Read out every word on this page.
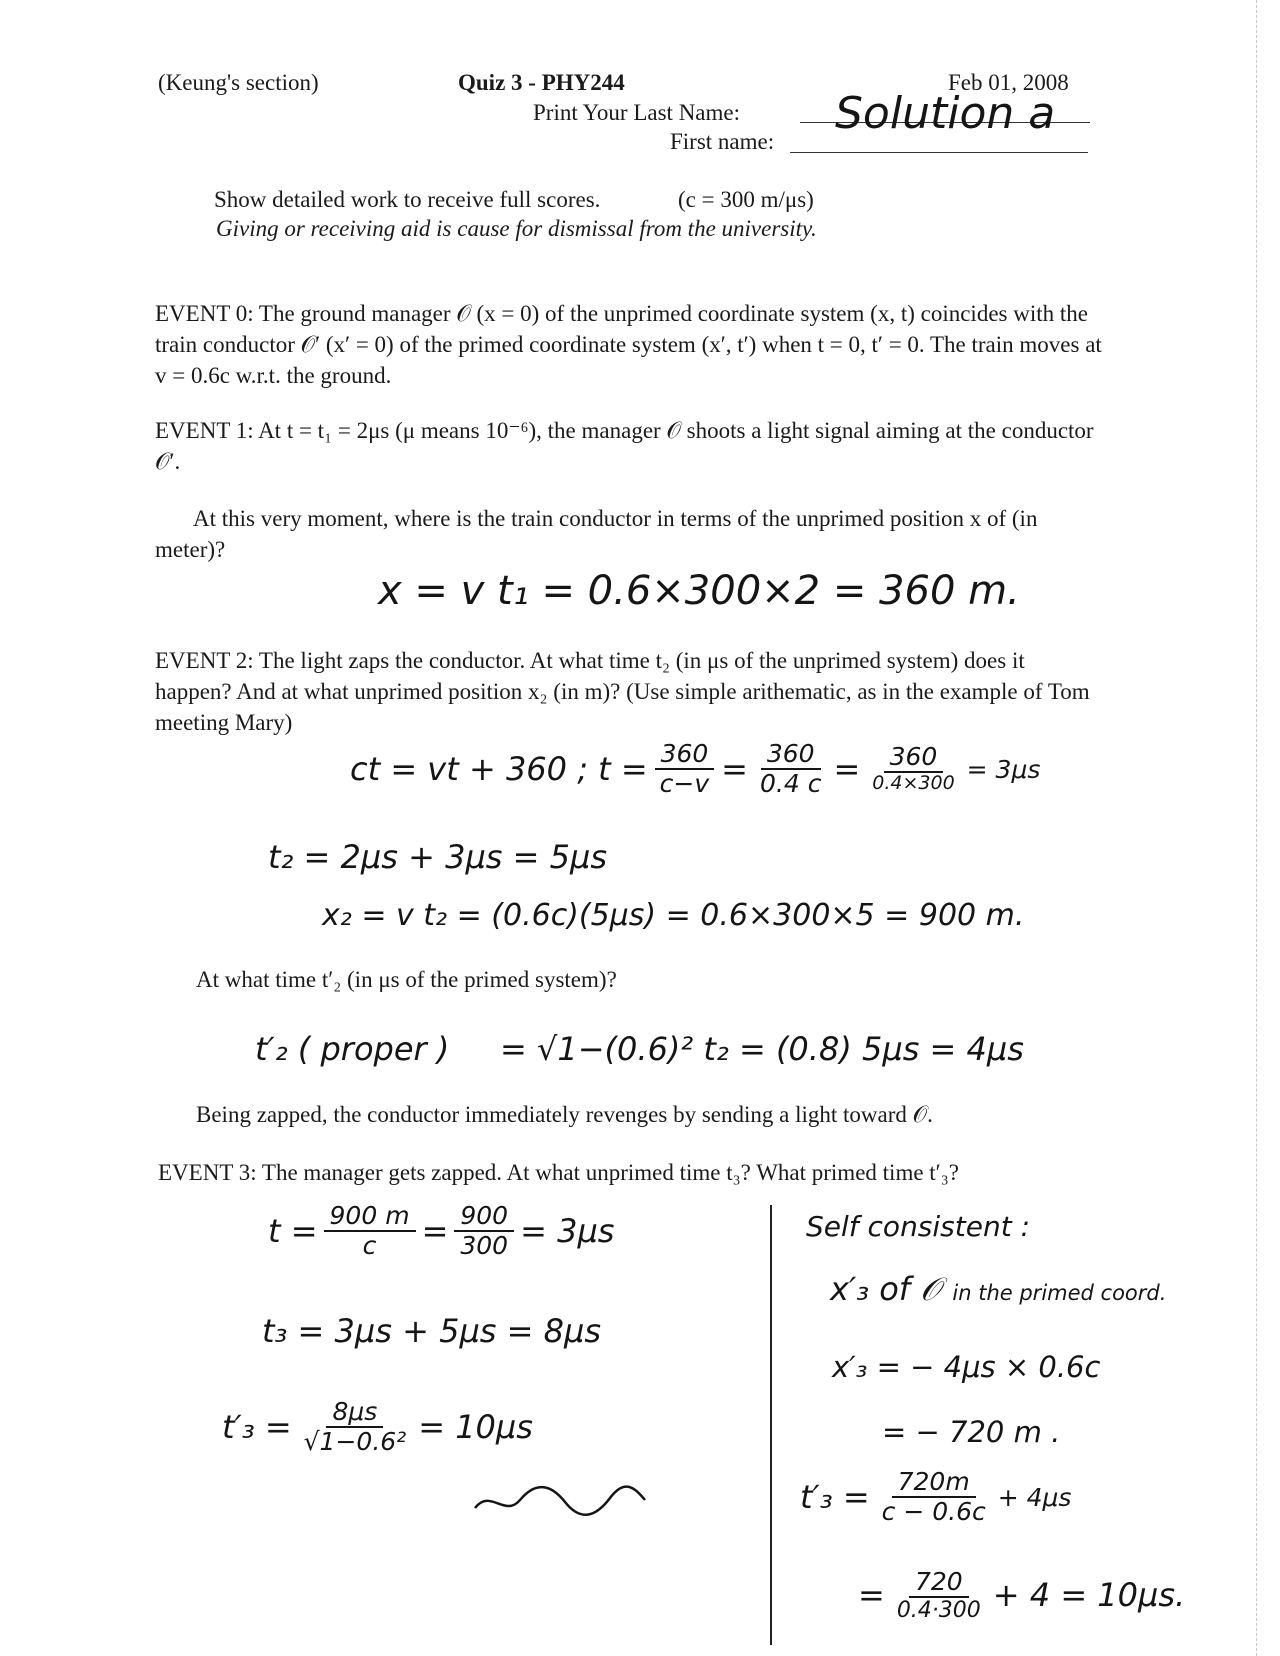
(Keung's section)	Quiz 3 - PHY244	Feb 01, 2008
Print Your Last Name:
First name:
Solution a
Show detailed work to receive full scores.	(c = 300 m/μs)
Giving or receiving aid is cause for dismissal from the university.
EVENT 0: The ground manager 𝒪 (x = 0) of the unprimed coordinate system (x, t) coincides with the train conductor 𝒪′ (x′ = 0) of the primed coordinate system (x′, t′) when t = 0, t′ = 0. The train moves at v = 0.6c w.r.t. the ground.
EVENT 1: At t = t₁ = 2μs (μ means 10⁻⁶), the manager 𝒪 shoots a light signal aiming at the conductor 𝒪′.
At this very moment, where is the train conductor in terms of the unprimed position x of (in meter)?
x = v t₁ = 0.6×300×2 = 360 m.
EVENT 2: The light zaps the conductor. At what time t₂ (in μs of the unprimed system) does it happen? And at what unprimed position x₂ (in m)? (Use simple arithematic, as in the example of Tom meeting Mary)
ct = vt + 360 ; $t = \frac{360}{c-v} = \frac{360}{0.4 c} = \frac{360}{0.4\times 300} = 3\mu s$
t₂ = 2μs + 3μs = 5μs
x₂ = v t₂ = (0.6c)(5μs) = 0.6×300×5 = 900 m.
At what time t′₂ (in μs of the primed system)?
t′₂ ( proper ) = √1−(0.6)² t₂ = (0.8) 5μs = 4μs
Being zapped, the conductor immediately revenges by sending a light toward 𝒪.
EVENT 3: The manager gets zapped. At what unprimed time t₃? What primed time t′₃?
$t = \frac{900 m}{c} = \frac{900}{300} = 3\mu s$
t₃ = 3μs + 5μs = 8μs
$t'_3 = \frac{8\mu s}{\text{√1−0.6²}} = 10\mu s$
Self consistent :
x′₃ of 𝒪 in the primed coord.
x′₃ = − 4μs × 0.6c
= − 720 m .
$t'_3 = \frac{720m}{c - 0.6c} + 4\mu s$
= $\frac{720}{0.4\cdot 300} + 4 = 10\mu s$.
